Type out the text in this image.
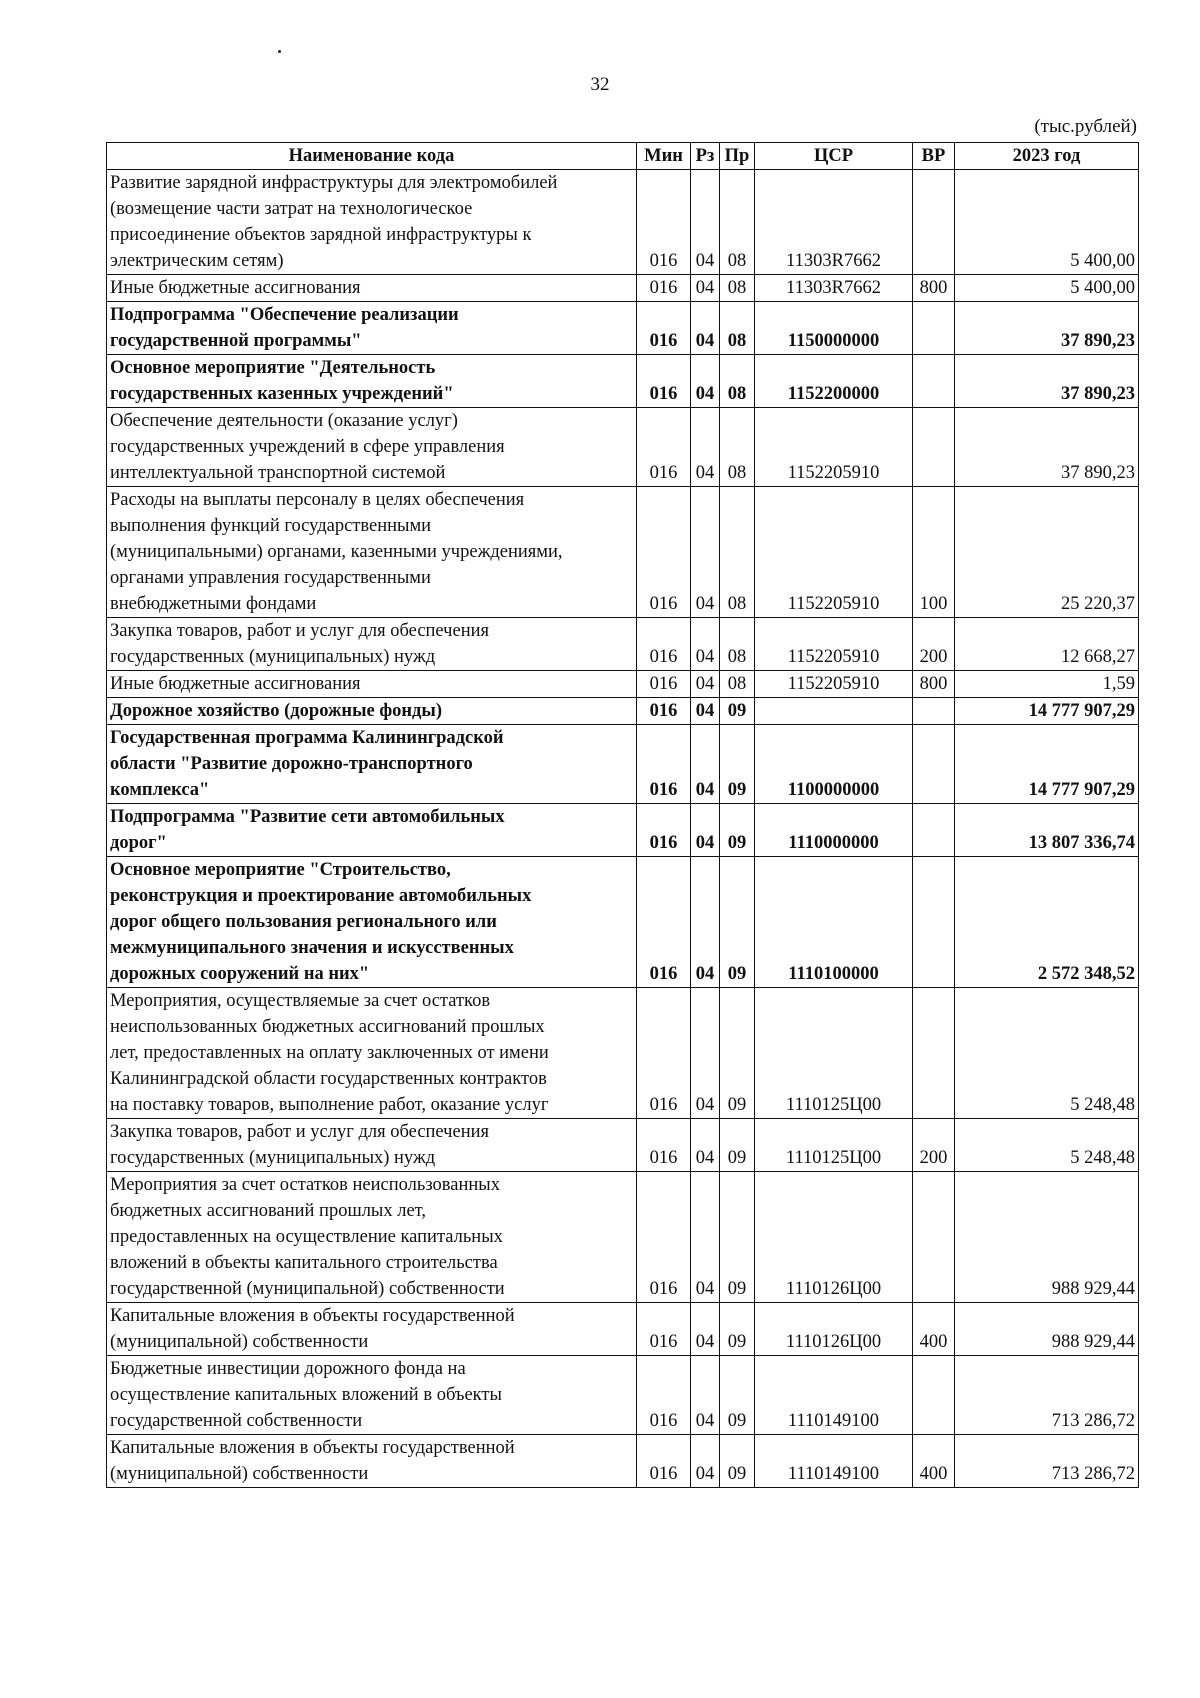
32
(тыс.рублей)
Наименование кода	Мин	Рз	Пр	ЦСР	ВР	2023 год

Развитие зарядной инфраструктуры для электромобилей
(возмещение части затрат на технологическое
присоединение объектов зарядной инфраструктуры к
электрическим сетям)	016	04	08	11303R7662		5 400,00

Иные бюджетные ассигнования	016	04	08	11303R7662	800	5 400,00

Подпрограмма "Обеспечение реализации
государственной программы"	016	04	08	1150000000		37 890,23

Основное мероприятие "Деятельность
государственных казенных учреждений"	016	04	08	1152200000		37 890,23

Обеспечение деятельности (оказание услуг)
государственных учреждений в сфере управления
интеллектуальной транспортной системой	016	04	08	1152205910		37 890,23

Расходы на выплаты персоналу в целях обеспечения
выполнения функций государственными
(муниципальными) органами, казенными учреждениями,
органами управления государственными
внебюджетными фондами	016	04	08	1152205910	100	25 220,37

Закупка товаров, работ и услуг для обеспечения
государственных (муниципальных) нужд	016	04	08	1152205910	200	12 668,27

Иные бюджетные ассигнования	016	04	08	1152205910	800	1,59

Дорожное хозяйство (дорожные фонды)	016	04	09			14 777 907,29

Государственная программа Калининградской
области "Развитие дорожно-транспортного
комплекса"	016	04	09	1100000000		14 777 907,29

Подпрограмма "Развитие сети автомобильных
дорог"	016	04	09	1110000000		13 807 336,74

Основное мероприятие "Строительство,
реконструкция и проектирование автомобильных
дорог общего пользования регионального или
межмуниципального значения и искусственных
дорожных сооружений на них"	016	04	09	1110100000		2 572 348,52

Мероприятия, осуществляемые за счет остатков
неиспользованных бюджетных ассигнований прошлых
лет, предоставленных на оплату заключенных от имени
Калининградской области государственных контрактов
на поставку товаров, выполнение работ, оказание услуг	016	04	09	1110125Ц00		5 248,48

Закупка товаров, работ и услуг для обеспечения
государственных (муниципальных) нужд	016	04	09	1110125Ц00	200	5 248,48

Мероприятия за счет остатков неиспользованных
бюджетных ассигнований прошлых лет,
предоставленных на осуществление капитальных
вложений в объекты капитального строительства
государственной (муниципальной) собственности	016	04	09	1110126Ц00		988 929,44

Капитальные вложения в объекты государственной
(муниципальной) собственности	016	04	09	1110126Ц00	400	988 929,44

Бюджетные инвестиции дорожного фонда на
осуществление капитальных вложений в объекты
государственной собственности	016	04	09	1110149100		713 286,72

Капитальные вложения в объекты государственной
(муниципальной) собственности	016	04	09	1110149100	400	713 286,72
